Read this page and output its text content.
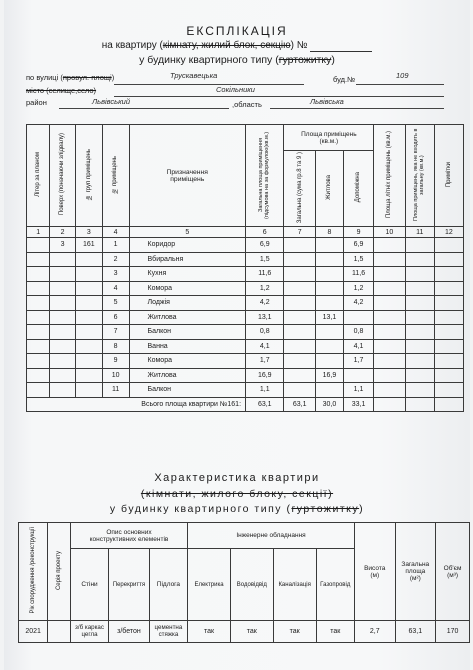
ЕКСПЛІКАЦІЯ
на квартиру (кімнату, жилий блок, секцію) №
у будинку квартирного типу (гуртожитку)
по вулиці (провул. площі)	Трускавецька	буд.№	109
місто (селище,село)	Сокільники
район	Львівський	,область	Львівська
Літер за планом	Поверх (поначаючи злідвалу)	№ груп приміщень	№ приміщень	Призначення приміщень	Загальна площа приміщення (підсумова на за формулою(кв.м.)	Площа приміщень (кв.м.)			Площа літніх приміщень (кв.м.)	Площа приміщень, яка не входить в загальну (кв.м.)	Примітки
						Загальна (сума гр.8 та 9 )	Житлова	Допоміжна			
1	2	3	4	5	6	7	8	9	10	11	12
	3	161	1	Коридор	6,9			6,9			
			2	Вбиральня	1,5			1,5			
			3	Кухня	11,6			11,6			
			4	Комора	1,2			1,2			
			5	Лоджія	4,2			4,2			
			6	Житлова	13,1		13,1				
			7	Балкон	0,8			0,8			
			8	Ванна	4,1			4,1			
			9	Комора	1,7			1,7			
			10	Житлова	16,9		16,9				
			11	Балкон	1,1			1,1			
Всього площа квартири №161:					63,1	63,1	30,0	33,1			
Характеристика квартири
(кімнати, жилого блоку, секції)
у будинку квартирного типу (гуртожитку)
Рік спорудження /реконструкції	Серія проекту	Опис основних конструктивних елементів			Інженерне обладнання				Висота (м)	Загальна площа (м²)	Об'єм (м³)
		Стіни	Перекриття	Підлога	Електрика	Водовідвід	Каналізація	Газопровід			
2021		з/б каркас цегла	з/бетон	цементна стяжка	так	так	так	так	2,7	63,1	170
